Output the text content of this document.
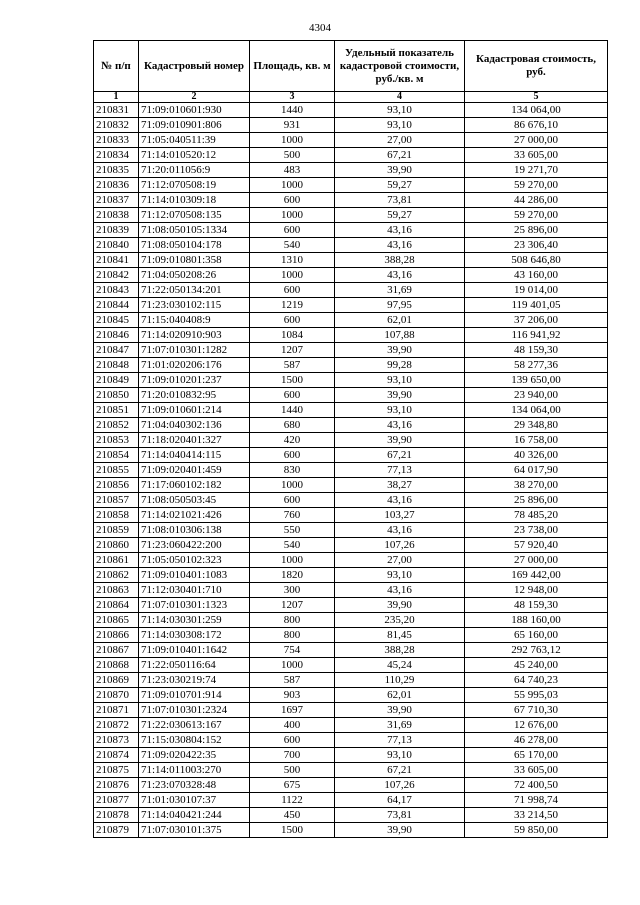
4304
№ п/п	Кадастровый номер	Площадь, кв. м	Удельный показатель кадастровой стоимости, руб./кв. м	Кадастровая стоимость, руб.
1	2	3	4	5
210831	71:09:010601:930	1440	93,10	134 064,00
210832	71:09:010901:806	931	93,10	86 676,10
210833	71:05:040511:39	1000	27,00	27 000,00
210834	71:14:010520:12	500	67,21	33 605,00
210835	71:20:011056:9	483	39,90	19 271,70
210836	71:12:070508:19	1000	59,27	59 270,00
210837	71:14:010309:18	600	73,81	44 286,00
210838	71:12:070508:135	1000	59,27	59 270,00
210839	71:08:050105:1334	600	43,16	25 896,00
210840	71:08:050104:178	540	43,16	23 306,40
210841	71:09:010801:358	1310	388,28	508 646,80
210842	71:04:050208:26	1000	43,16	43 160,00
210843	71:22:050134:201	600	31,69	19 014,00
210844	71:23:030102:115	1219	97,95	119 401,05
210845	71:15:040408:9	600	62,01	37 206,00
210846	71:14:020910:903	1084	107,88	116 941,92
210847	71:07:010301:1282	1207	39,90	48 159,30
210848	71:01:020206:176	587	99,28	58 277,36
210849	71:09:010201:237	1500	93,10	139 650,00
210850	71:20:010832:95	600	39,90	23 940,00
210851	71:09:010601:214	1440	93,10	134 064,00
210852	71:04:040302:136	680	43,16	29 348,80
210853	71:18:020401:327	420	39,90	16 758,00
210854	71:14:040414:115	600	67,21	40 326,00
210855	71:09:020401:459	830	77,13	64 017,90
210856	71:17:060102:182	1000	38,27	38 270,00
210857	71:08:050503:45	600	43,16	25 896,00
210858	71:14:021021:426	760	103,27	78 485,20
210859	71:08:010306:138	550	43,16	23 738,00
210860	71:23:060422:200	540	107,26	57 920,40
210861	71:05:050102:323	1000	27,00	27 000,00
210862	71:09:010401:1083	1820	93,10	169 442,00
210863	71:12:030401:710	300	43,16	12 948,00
210864	71:07:010301:1323	1207	39,90	48 159,30
210865	71:14:030301:259	800	235,20	188 160,00
210866	71:14:030308:172	800	81,45	65 160,00
210867	71:09:010401:1642	754	388,28	292 763,12
210868	71:22:050116:64	1000	45,24	45 240,00
210869	71:23:030219:74	587	110,29	64 740,23
210870	71:09:010701:914	903	62,01	55 995,03
210871	71:07:010301:2324	1697	39,90	67 710,30
210872	71:22:030613:167	400	31,69	12 676,00
210873	71:15:030804:152	600	77,13	46 278,00
210874	71:09:020422:35	700	93,10	65 170,00
210875	71:14:011003:270	500	67,21	33 605,00
210876	71:23:070328:48	675	107,26	72 400,50
210877	71:01:030107:37	1122	64,17	71 998,74
210878	71:14:040421:244	450	73,81	33 214,50
210879	71:07:030101:375	1500	39,90	59 850,00
